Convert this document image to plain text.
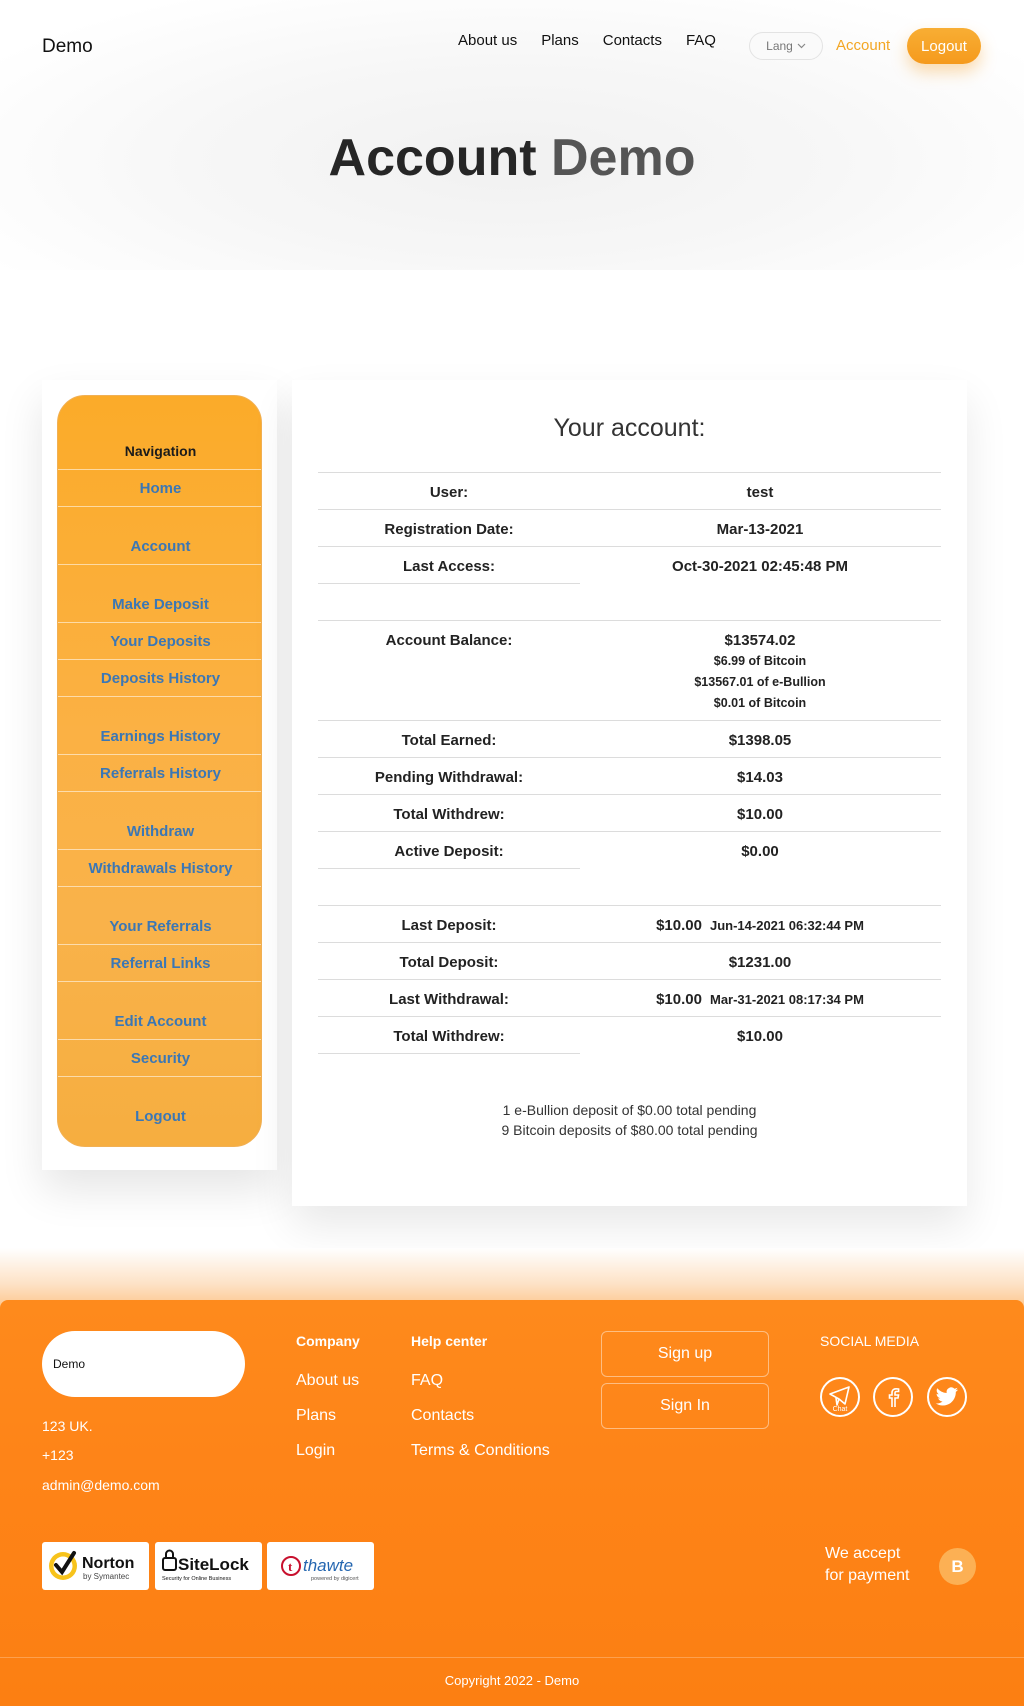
Demo	About us Plans Contacts FAQ	Lang	Account	Logout
Account Demo
Navigation
Home
Account
Make Deposit
Your Deposits
Deposits History
Earnings History
Referrals History
Withdraw
Withdrawals History
Your Referrals
Referral Links
Edit Account
Security
Logout
Your account:
User:	test
Registration Date:	Mar-13-2021
Last Access:	Oct-30-2021 02:45:48 PM
Account Balance:	$13574.02
$6.99 of Bitcoin
$13567.01 of e-Bullion
$0.01 of Bitcoin
Total Earned:	$1398.05
Pending Withdrawal:	$14.03
Total Withdrew:	$10.00
Active Deposit:	$0.00
Last Deposit:	$10.00 Jun-14-2021 06:32:44 PM
Total Deposit:	$1231.00
Last Withdrawal:	$10.00 Mar-31-2021 08:17:34 PM
Total Withdrew:	$10.00
1 e-Bullion deposit of $0.00 total pending
9 Bitcoin deposits of $80.00 total pending
Demo
123 UK.
+123
admin@demo.com
Company
About us
Plans
Login
Help center
FAQ
Contacts
Terms & Conditions
Sign up
Sign In
SOCIAL MEDIA
Chat
Norton
by Symantec
SiteLock
Security for Online Business
t thawte
powered by digicert
We accept
for payment	B
Copyright 2022 - Demo
